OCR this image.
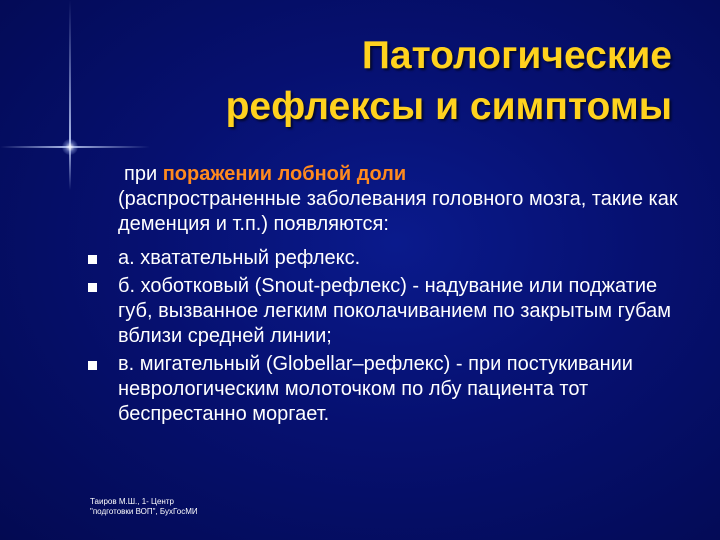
Патологические
рефлексы и симптомы
при поражении лобной доли
(распространенные заболевания головного мозга, такие как деменция и т.п.) появляются:
а. хватательный рефлекс.
б. хоботковый (Snout-рефлекс) - надувание или поджатие губ, вызванное легким поколачиванием по закрытым губам вблизи средней линии;
в. мигательный (Globellar–рефлекс) - при постукивании неврологическим молоточком по лбу пациента тот беспрестанно моргает.
Таиров М.Ш., 1- Центр
"подготовки ВОП", БухГосМИ
